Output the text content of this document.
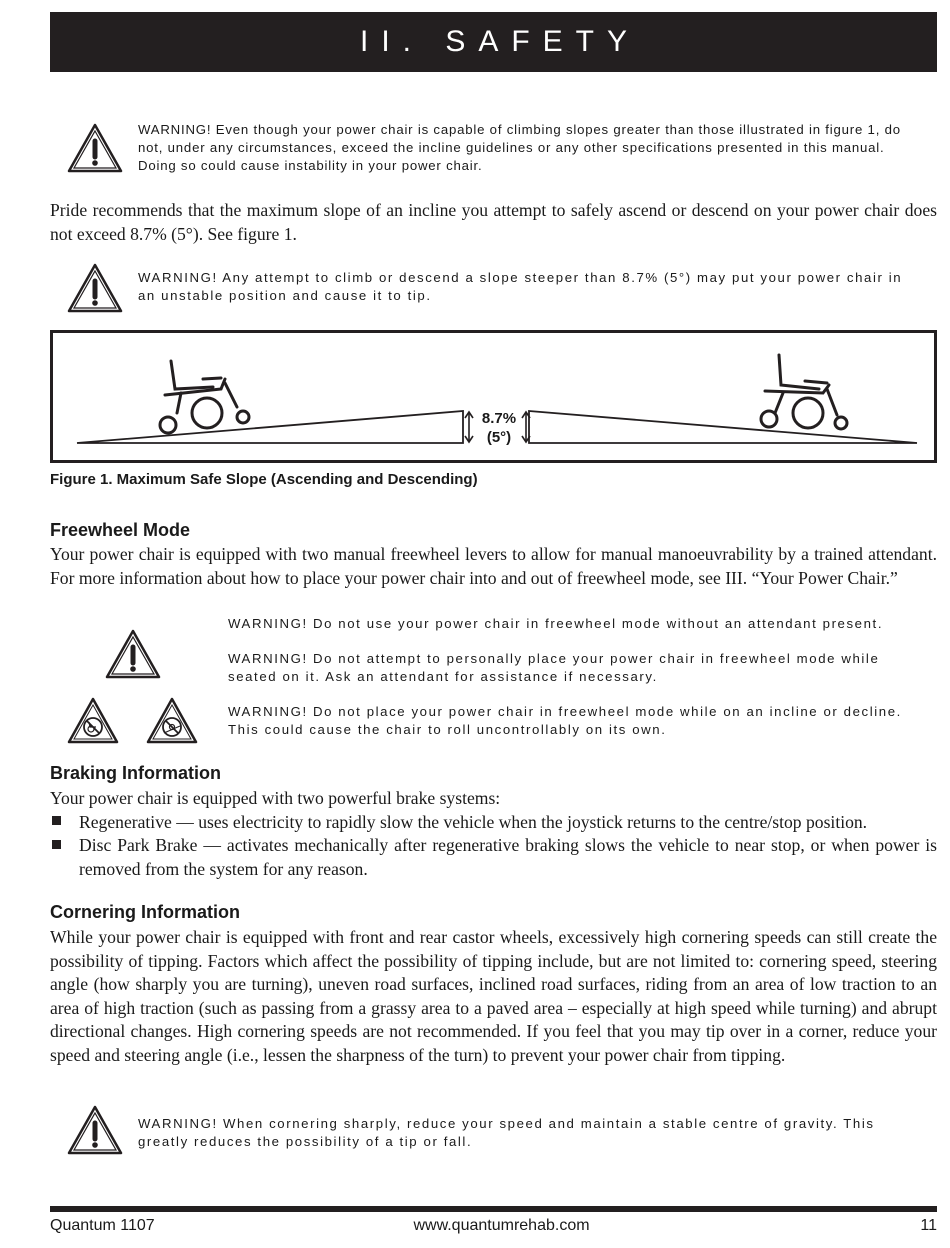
II. SAFETY
WARNING! Even though your power chair is capable of climbing slopes greater than those illustrated in figure 1, do not, under any circumstances, exceed the incline guidelines or any other specifications presented in this manual. Doing so could cause instability in your power chair.
Pride recommends that the maximum slope of an incline you attempt to safely ascend or descend on your power chair does not exceed 8.7% (5°). See figure 1.
WARNING! Any attempt to climb or descend a slope steeper than 8.7% (5°) may put your power chair in an unstable position and cause it to tip.
8.7%
(5°)
Figure 1. Maximum Safe Slope (Ascending and Descending)
Freewheel Mode
Your power chair is equipped with two manual freewheel levers to allow for manual manoeuvrability by a trained attendant. For more information about how to place your power chair into and out of freewheel mode, see III. “Your Power Chair.”
WARNING! Do not use your power chair in freewheel mode without an attendant present.
WARNING! Do not attempt to personally place your power chair in freewheel mode while seated on it. Ask an attendant for assistance if necessary.
WARNING! Do not place your power chair in freewheel mode while on an incline or decline. This could cause the chair to roll uncontrollably on its own.
Braking Information
Your power chair is equipped with two powerful brake systems:
Regenerative — uses electricity to rapidly slow the vehicle when the joystick returns to the centre/stop position.
Disc Park Brake — activates mechanically after regenerative braking slows the vehicle to near stop, or when power is removed from the system for any reason.
Cornering Information
While your power chair is equipped with front and rear castor wheels, excessively high cornering speeds can still create the possibility of tipping. Factors which affect the possibility of tipping include, but are not limited to: cornering speed, steering angle (how sharply you are turning), uneven road surfaces, inclined road surfaces, riding from an area of low traction to an area of high traction (such as passing from a grassy area to a paved area – especially at high speed while turning) and abrupt directional changes. High cornering speeds are not recommended. If you feel that you may tip over in a corner, reduce your speed and steering angle (i.e., lessen the sharpness of the turn) to prevent your power chair from tipping.
WARNING! When cornering sharply, reduce your speed and maintain a stable centre of gravity. This greatly reduces the possibility of a tip or fall.
Quantum 1107	www.quantumrehab.com	11
